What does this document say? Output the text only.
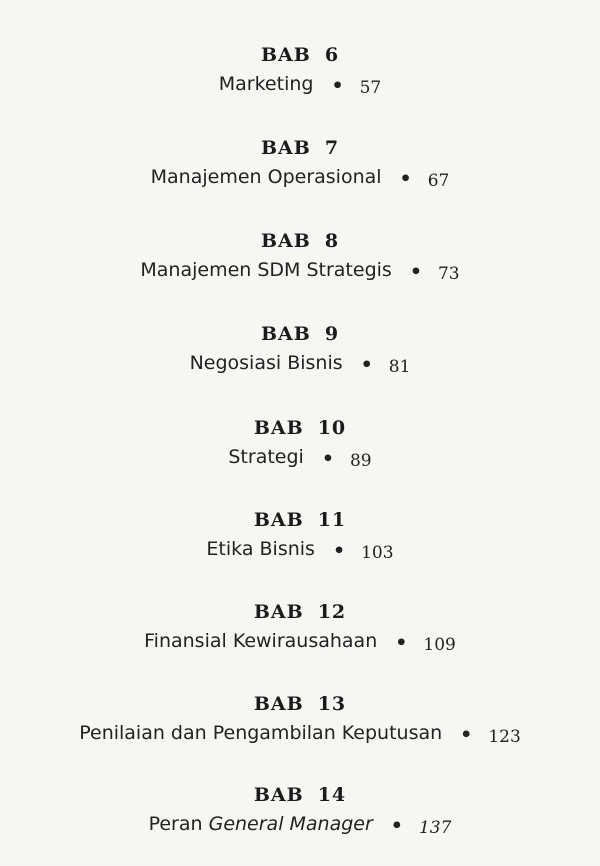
BAB 6
Marketing • 57
BAB 7
Manajemen Operasional • 67
BAB 8
Manajemen SDM Strategis • 73
BAB 9
Negosiasi Bisnis • 81
BAB 10
Strategi • 89
BAB 11
Etika Bisnis • 103
BAB 12
Finansial Kewirausahaan • 109
BAB 13
Penilaian dan Pengambilan Keputusan • 123
BAB 14
Peran General Manager • 137
